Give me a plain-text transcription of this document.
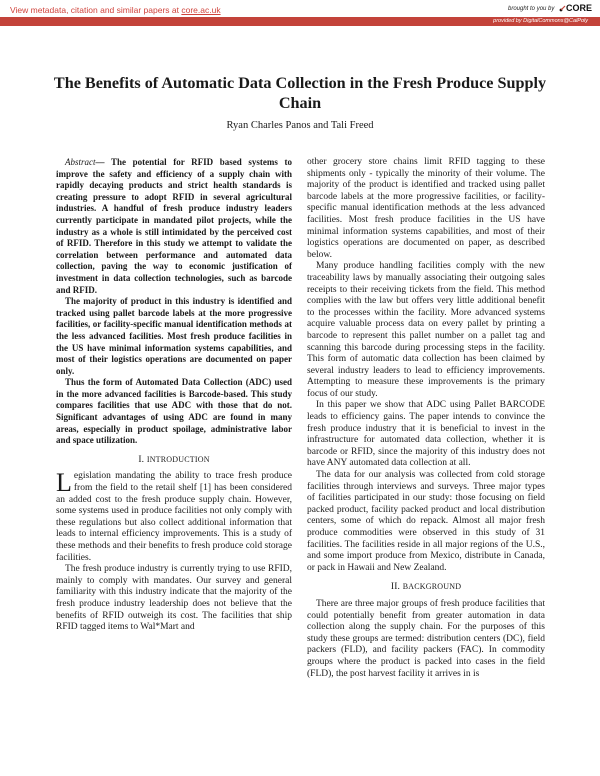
View metadata, citation and similar papers at core.ac.uk	brought to you by CORE
provided by DigitalCommons@CalPoly
The Benefits of Automatic Data Collection in the Fresh Produce Supply Chain
Ryan Charles Panos and Tali Freed

Abstract— The potential for RFID based systems to improve the safety and efficiency of a supply chain with rapidly decaying products and strict health standards is creating pressure to adopt RFID in several agricultural industries. A handful of fresh produce industry leaders currently participate in mandated pilot projects, while the industry as a whole is still intimidated by the perceived cost of RFID. Therefore in this study we attempt to validate the correlation between performance and automated data collection, paving the way to economic justification of investment in data collection technologies, such as barcode and RFID.

The majority of product in this industry is identified and tracked using pallet barcode labels at the more progressive facilities, or facility-specific manual identification methods at the less advanced facilities. Most fresh produce facilities in the US have minimal information systems capabilities, and most of their logistics operations are documented on paper only.

Thus the form of Automated Data Collection (ADC) used in the more advanced facilities is Barcode-based. This study compares facilities that use ADC with those that do not. Significant advantages of using ADC are found in many areas, especially in product spoilage, administrative labor and space utilization.

I. INTRODUCTION

Legislation mandating the ability to trace fresh produce from the field to the retail shelf [1] has been considered an added cost to the fresh produce supply chain. However, some systems used in produce facilities not only comply with these regulations but also collect additional information that leads to internal efficiency improvements. This is a study of these methods and their benefits to fresh produce cold storage facilities.

The fresh produce industry is currently trying to use RFID, mainly to comply with mandates. Our survey and general familiarity with this industry indicate that the majority of the fresh produce industry leadership does not believe that the benefits of RFID outweigh its cost. The facilities that ship RFID tagged items to Wal*Mart and

other grocery store chains limit RFID tagging to these shipments only - typically the minority of their volume. The majority of the product is identified and tracked using pallet barcode labels at the more progressive facilities, or facility-specific manual identification methods at the less advanced facilities. Most fresh produce facilities in the US have minimal information systems capabilities, and most of their logistics operations are documented on paper, as described below.

Many produce handling facilities comply with the new traceability laws by manually associating their outgoing sales receipts to their receiving tickets from the field. This method complies with the law but offers very little additional benefit to the processes within the facility. More advanced systems acquire valuable process data on every pallet by printing a barcode to represent this pallet number on a pallet tag and scanning this barcode during processing steps in the facility. This form of automatic data collection has been claimed by several industry leaders to lead to efficiency improvements. Attempting to measure these improvements is the primary focus of our study.

In this paper we show that ADC using Pallet BARCODE leads to efficiency gains. The paper intends to convince the fresh produce industry that it is beneficial to invest in the infrastructure for automated data collection, whether it is barcode or RFID, since the majority of this industry does not have ANY automated data collection at all.

The data for our analysis was collected from cold storage facilities through interviews and surveys. Three major types of facilities participated in our study: those focusing on field packed product, facility packed product and local distribution centers, some of which do repack. Almost all major fresh produce commodities were observed in this study of 31 facilities. The facilities reside in all major regions of the U.S., and some import produce from Mexico, distribute in Canada, or pack in Hawaii and New Zealand.

II. BACKGROUND

There are three major groups of fresh produce facilities that could potentially benefit from greater automation in data collection along the supply chain. For the purposes of this study these groups are termed: distribution centers (DC), field packers (FLD), and facility packers (FAC). In commodity groups where the product is packed into cases in the field (FLD), the post harvest facility it arrives in is
